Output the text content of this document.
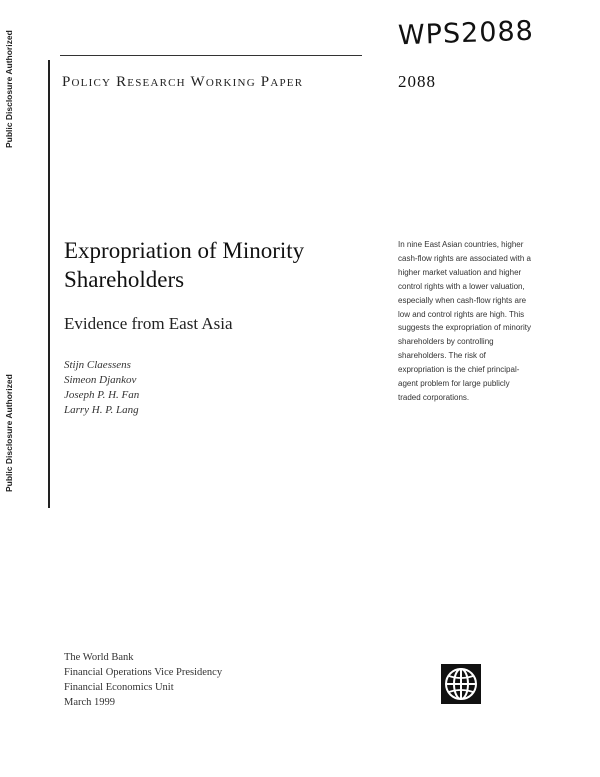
Public Disclosure Authorized
Public Disclosure Authorized
WPS2088
Policy Research Working Paper	2088
Expropriation of Minority Shareholders
Evidence from East Asia
Stijn Claessens
Simeon Djankov
Joseph P. H. Fan
Larry H. P. Lang
In nine East Asian countries, higher cash-flow rights are associated with a higher market valuation and higher control rights with a lower valuation, especially when cash-flow rights are low and control rights are high. This suggests the expropriation of minority shareholders by controlling shareholders. The risk of expropriation is the chief principal-agent problem for large publicly traded corporations.
The World Bank
Financial Operations Vice Presidency
Financial Economics Unit
March 1999
